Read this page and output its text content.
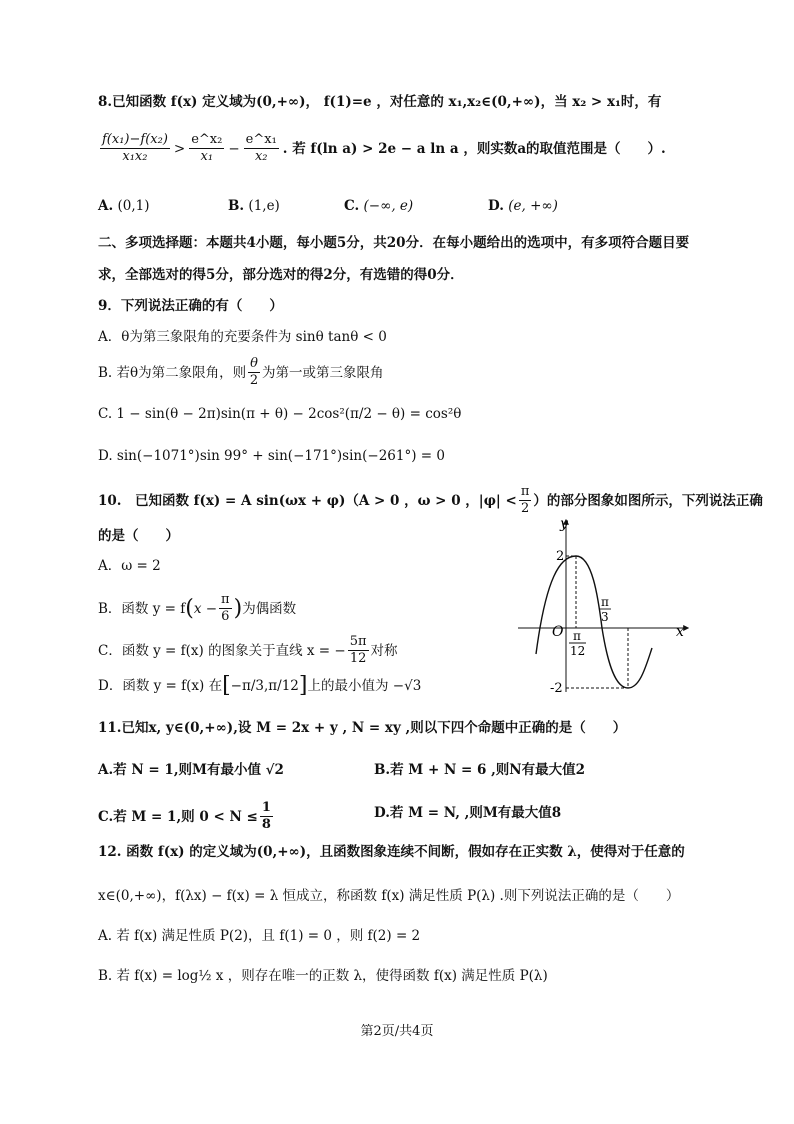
8.已知函数 f(x) 定义域为(0,+∞)， f(1)=e ，对任意的 x₁,x₂∈(0,+∞)，当 x₂ > x₁时，有
$\frac{\text{f(x₁)−f(x₂)}}{\text{x₁x₂}} > \frac{\text{e\textasciicircum{}x₂}}{\text{x₁}} - \frac{\text{e\textasciicircum{}x₁}}{\text{x₂}}$ . 若 f(ln a) > 2e − a ln a ，则实数a的取值范围是（　　）.
A. (0,1)	B. (1,e)	C. (−∞, e)	D. (e, +∞)
二、多项选择题：本题共4小题，每小题5分，共20分．在每小题给出的选项中，有多项符合题目要
求，全部选对的得5分，部分选对的得2分，有选错的得0分．
9．下列说法正确的有（　　）
A．θ为第三象限角的充要条件为 sinθ tanθ < 0
B. 若θ为第二象限角，则 $\frac{\theta}{2}$ 为第一或第三象限角
C. 1 − sin(θ − 2π)sin(π + θ) − 2cos²(π/2 − θ) = cos²θ
D. sin(−1071°)sin 99° + sin(−171°)sin(−261°) = 0
10.　已知函数 f(x) = A sin(ωx + φ)（A > 0 ，ω > 0 ，$|\varphi| < \frac{\pi}{2}$ ）的部分图象如图所示，下列说法正确
的是（　　）
A．ω = 2
B．函数 y = f ( $x - \frac{\pi}{6}$ ) 为偶函数
C．函数 y = f(x) 的图象关于直线 x = − $\frac{5\pi}{12}$ 对称
D．函数 y = f(x) 在 [ −π/3 , π/12 ] 上的最小值为 −√3
y
x
O
2
-2
π
12
π
3
11.已知x, y∈(0,+∞),设 M = 2x + y , N = xy ,则以下四个命题中正确的是（　　）
A.若 N = 1,则M有最小值 √2	B.若 M + N = 6 ,则N有最大值2
C.若 M = 1,则 $0 < N \le \frac{1}{8}$	D.若 M = N, ,则M有最大值8
12. 函数 f(x) 的定义域为(0,+∞)，且函数图象连续不间断，假如存在正实数 λ，使得对于任意的
x∈(0,+∞)，f(λx) − f(x) = λ 恒成立，称函数 f(x) 满足性质 P(λ) .则下列说法正确的是（　　）
A. 若 f(x) 满足性质 P(2)，且 f(1) = 0 ，则 f(2) = 2
B. 若 f(x) = log½ x ，则存在唯一的正数 λ，使得函数 f(x) 满足性质 P(λ)
第2页/共4页
